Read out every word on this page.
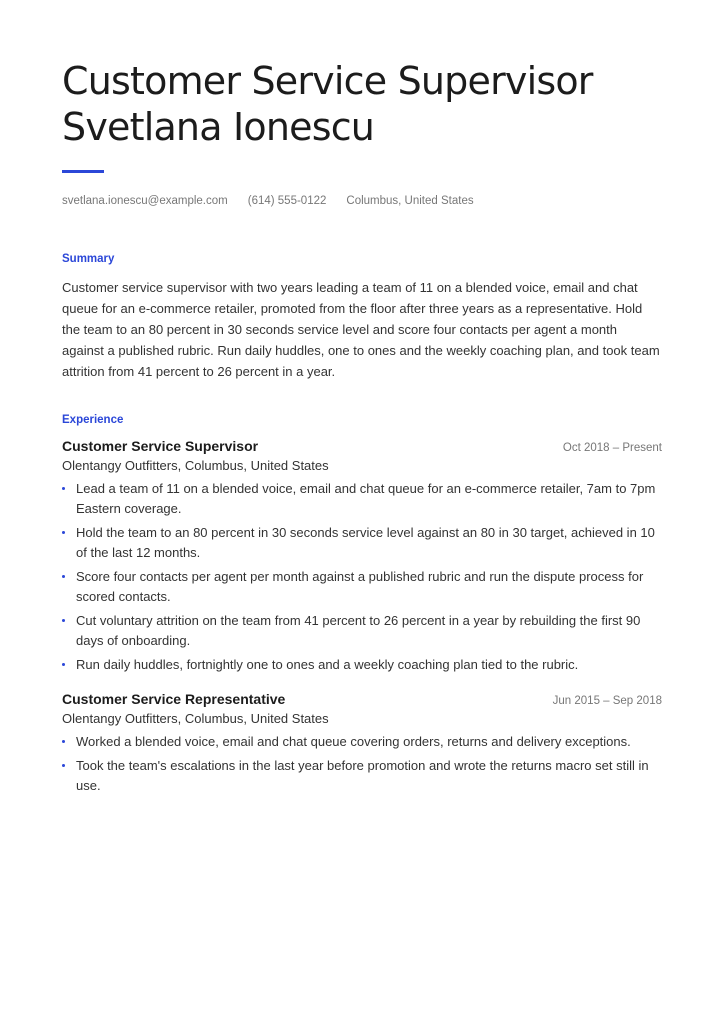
Customer Service Supervisor
Svetlana Ionescu
svetlana.ionescu@example.com (614) 555-0122 Columbus, United States
Summary

Customer service supervisor with two years leading a team of 11 on a blended voice, email and chat queue for an e-commerce retailer, promoted from the floor after three years as a representative. Hold the team to an 80 percent in 30 seconds service level and score four contacts per agent a month against a published rubric. Run daily huddles, one to ones and the weekly coaching plan, and took team attrition from 41 percent to 26 percent in a year.

Experience
Customer Service Supervisor	Oct 2018 – Present
Olentangy Outfitters, Columbus, United States
Lead a team of 11 on a blended voice, email and chat queue for an e-commerce retailer, 7am to 7pm Eastern coverage.
Hold the team to an 80 percent in 30 seconds service level against an 80 in 30 target, achieved in 10 of the last 12 months.
Score four contacts per agent per month against a published rubric and run the dispute process for scored contacts.
Cut voluntary attrition on the team from 41 percent to 26 percent in a year by rebuilding the first 90 days of onboarding.
Run daily huddles, fortnightly one to ones and a weekly coaching plan tied to the rubric.
Customer Service Representative	Jun 2015 – Sep 2018
Olentangy Outfitters, Columbus, United States
Worked a blended voice, email and chat queue covering orders, returns and delivery exceptions.
Took the team's escalations in the last year before promotion and wrote the returns macro set still in use.
